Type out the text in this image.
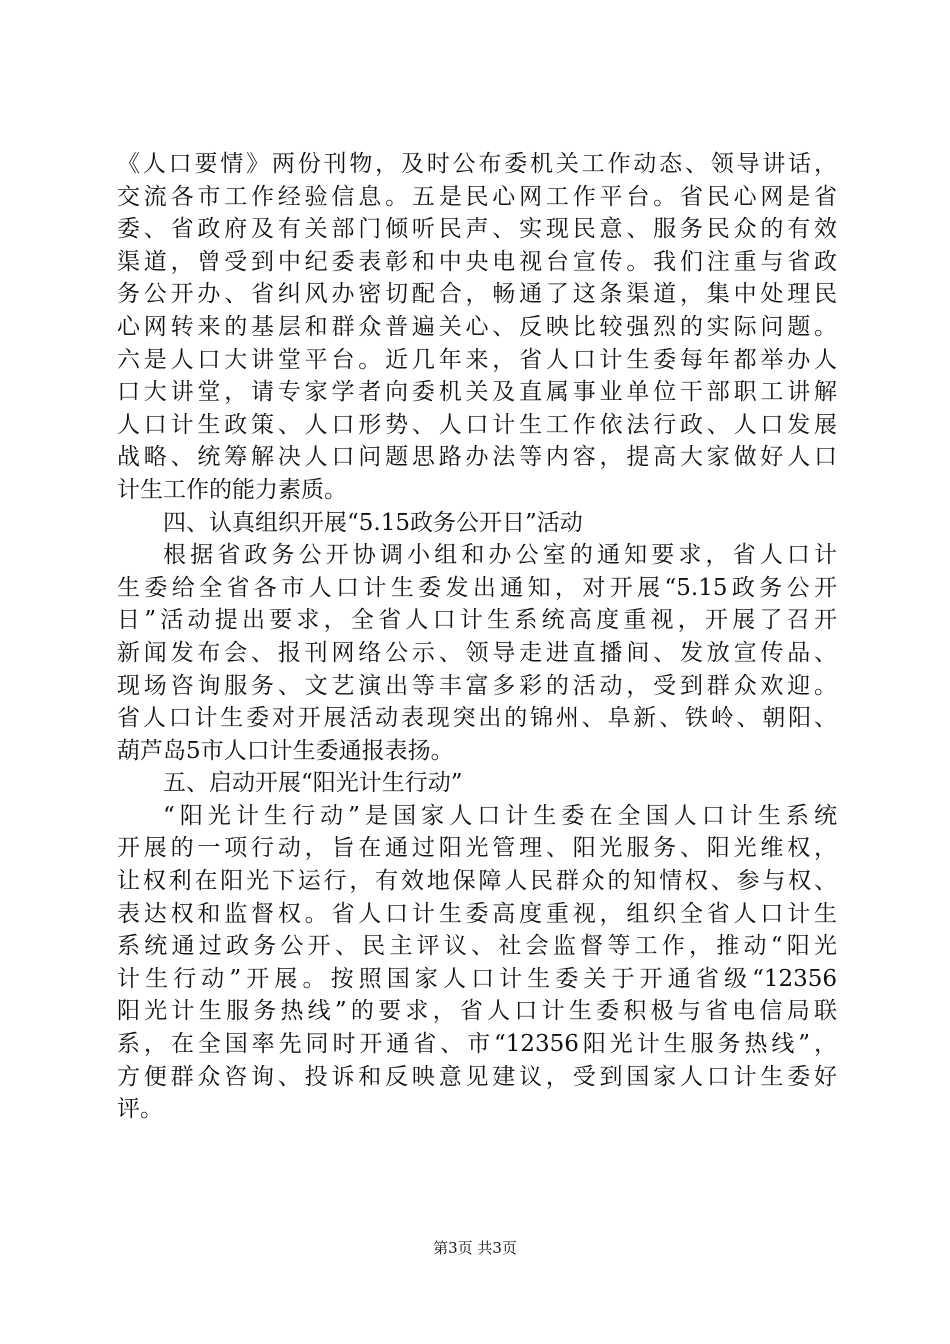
《人口要情》两份刊物，及时公布委机关工作动态、领导讲话，
交流各市工作经验信息。五是民心网工作平台。省民心网是省
委、省政府及有关部门倾听民声、实现民意、服务民众的有效
渠道，曾受到中纪委表彰和中央电视台宣传。我们注重与省政
务公开办、省纠风办密切配合，畅通了这条渠道，集中处理民
心网转来的基层和群众普遍关心、反映比较强烈的实际问题。
六是人口大讲堂平台。近几年来，省人口计生委每年都举办人
口大讲堂，请专家学者向委机关及直属事业单位干部职工讲解
人口计生政策、人口形势、人口计生工作依法行政、人口发展
战略、统筹解决人口问题思路办法等内容，提高大家做好人口
计生工作的能力素质。
四、认真组织开展“5.15政务公开日”活动
根据省政务公开协调小组和办公室的通知要求，省人口计
生委给全省各市人口计生委发出通知，对开展“5.15政务公开
日”活动提出要求，全省人口计生系统高度重视，开展了召开
新闻发布会、报刊网络公示、领导走进直播间、发放宣传品、
现场咨询服务、文艺演出等丰富多彩的活动，受到群众欢迎。
省人口计生委对开展活动表现突出的锦州、阜新、铁岭、朝阳、
葫芦岛5市人口计生委通报表扬。
五、启动开展“阳光计生行动”
“阳光计生行动”是国家人口计生委在全国人口计生系统
开展的一项行动，旨在通过阳光管理、阳光服务、阳光维权，
让权利在阳光下运行，有效地保障人民群众的知情权、参与权、
表达权和监督权。省人口计生委高度重视，组织全省人口计生
系统通过政务公开、民主评议、社会监督等工作，推动“阳光
计生行动”开展。按照国家人口计生委关于开通省级“12356
阳光计生服务热线”的要求，省人口计生委积极与省电信局联
系，在全国率先同时开通省、市“12356阳光计生服务热线”，
方便群众咨询、投诉和反映意见建议，受到国家人口计生委好
评。
第3页 共3页
